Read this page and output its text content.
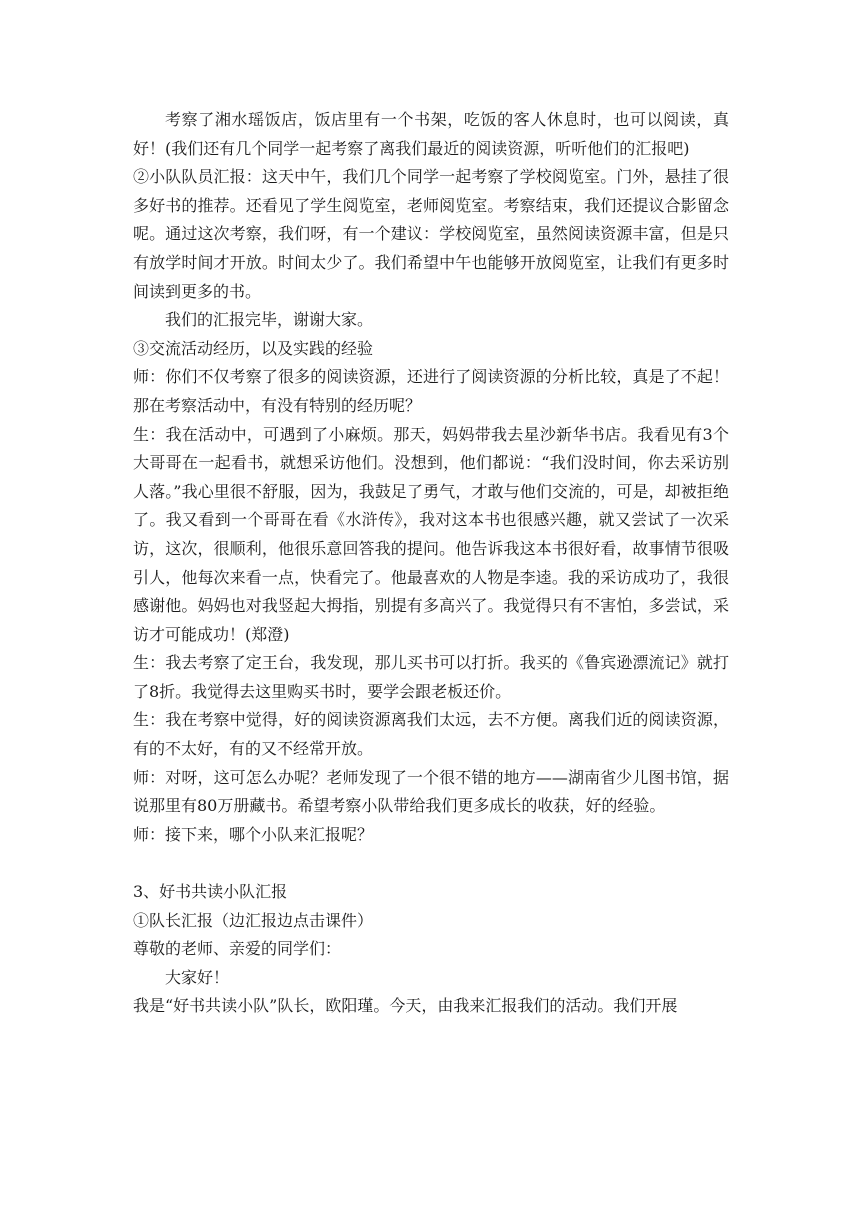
考察了湘水瑶饭店，饭店里有一个书架，吃饭的客人休息时，也可以阅读，真好！(我们还有几个同学一起考察了离我们最近的阅读资源，听听他们的汇报吧)

②小队队员汇报：这天中午，我们几个同学一起考察了学校阅览室。门外，悬挂了很多好书的推荐。还看见了学生阅览室，老师阅览室。考察结束，我们还提议合影留念呢。通过这次考察，我们呀，有一个建议：学校阅览室，虽然阅读资源丰富，但是只有放学时间才开放。时间太少了。我们希望中午也能够开放阅览室，让我们有更多时间读到更多的书。

我们的汇报完毕，谢谢大家。

③交流活动经历，以及实践的经验

师：你们不仅考察了很多的阅读资源，还进行了阅读资源的分析比较，真是了不起！那在考察活动中，有没有特别的经历呢？

生：我在活动中，可遇到了小麻烦。那天，妈妈带我去星沙新华书店。我看见有3个大哥哥在一起看书，就想采访他们。没想到，他们都说：“我们没时间，你去采访别人落。”我心里很不舒服，因为，我鼓足了勇气，才敢与他们交流的，可是，却被拒绝了。我又看到一个哥哥在看《水浒传》，我对这本书也很感兴趣，就又尝试了一次采访，这次，很顺利，他很乐意回答我的提问。他告诉我这本书很好看，故事情节很吸引人，他每次来看一点，快看完了。他最喜欢的人物是李逵。我的采访成功了，我很感谢他。妈妈也对我竖起大拇指，别提有多高兴了。我觉得只有不害怕，多尝试，采访才可能成功！(郑澄)

生：我去考察了定王台，我发现，那儿买书可以打折。我买的《鲁宾逊漂流记》就打了8折。我觉得去这里购买书时，要学会跟老板还价。

生：我在考察中觉得，好的阅读资源离我们太远，去不方便。离我们近的阅读资源，有的不太好，有的又不经常开放。

师：对呀，这可怎么办呢？老师发现了一个很不错的地方——湖南省少儿图书馆，据说那里有80万册藏书。希望考察小队带给我们更多成长的收获，好的经验。

师：接下来，哪个小队来汇报呢？

3、好书共读小队汇报

①队长汇报（边汇报边点击课件）

尊敬的老师、亲爱的同学们：

大家好！

我是“好书共读小队”队长，欧阳瑾。今天，由我来汇报我们的活动。我们开展
